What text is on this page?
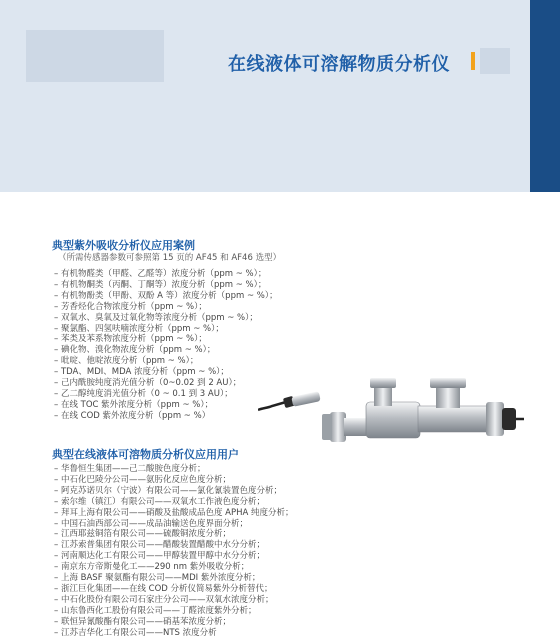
在线液体可溶解物质分析仪
典型紫外吸收分析仪应用案例
（所需传感器参数可参照第 15 页的 AF45 和 AF46 选型）
– 有机物醛类（甲醛、乙醛等）浓度分析（ppm ~ %）；
– 有机物酮类（丙酮、丁酮等）浓度分析（ppm ~ %）；
– 有机物酚类（甲酚、双酚 A 等）浓度分析（ppm ~ %）；
– 芳香烃化合物浓度分析（ppm ~ %）；
– 双氧水、臭氧及过氧化物等浓度分析（ppm ~ %）；
– 聚氯酯、四氢呋喃浓度分析（ppm ~ %）；
– 苯类及苯系物浓度分析（ppm ~ %）；
– 碘化物、溴化物浓度分析（ppm ~ %）；
– 吡啶、他啶浓度分析（ppm ~ %）；
– TDA、MDI、MDA 浓度分析（ppm ~ %）；
– 己内酰胺纯度消光值分析（0~0.02 到 2 AU）；
– 乙二醇纯度消光值分析（0 ~ 0.1 到 3 AU）；
– 在线 TOC 紫外浓度分析（ppm ~ %）；
– 在线 COD 紫外浓度分析（ppm ~ %）
典型在线液体可溶物质分析仪应用用户
– 华鲁恒生集团——己二酸胺色度分析；
– 中石化巴陵分公司——氨肟化反应色度分析；
– 阿克苏诺贝尔（宁波）有限公司——氯化氰装置色度分析；
– 索尔维（镇江）有限公司——双氧水工作液色度分析；
– 拜耳上海有限公司——硝酸及盐酸成品色度 APHA 纯度分析；
– 中国石油西部公司——成品油输送色度界面分析；
– 江西耶兹铜箔有限公司——硫酸铜浓度分析；
– 江苏索普集团有限公司——醋酸装置醋酸中水分分析；
– 河南顺达化工有限公司——甲醇装置甲醇中水分分析；
– 南京东方帝斯曼化工——290 nm 紫外吸收分析；
– 上海 BASF 聚氨酯有限公司——MDI 紫外浓度分析；
– 浙江巨化集团——在线 COD 分析仪简易紫外分析替代；
– 中石化股份有限公司石家庄分公司——双氧水浓度分析；
– 山东鲁西化工股份有限公司——丁醛浓度紫外分析；
– 联恒异氰酸酯有限公司——硝基苯浓度分析；
– 江苏吉华化工有限公司——NTS 浓度分析
